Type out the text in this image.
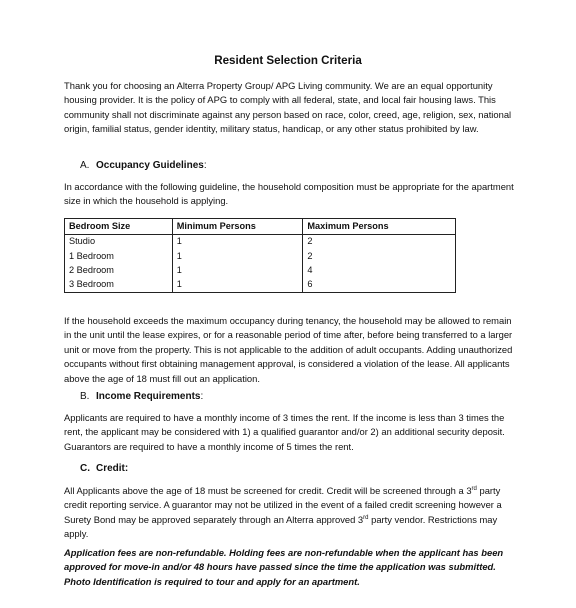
Resident Selection Criteria
Thank you for choosing an Alterra Property Group/ APG Living community. We are an equal opportunity housing provider. It is the policy of APG to comply with all federal, state, and local fair housing laws. This community shall not discriminate against any person based on race, color, creed, age, religion, sex, national origin, familial status, gender identity, military status, handicap, or any other status prohibited by law.
A. Occupancy Guidelines:
In accordance with the following guideline, the household composition must be appropriate for the apartment size in which the household is applying.
Bedroom Size	Minimum Persons	Maximum Persons
Studio	1	2
1 Bedroom	1	2
2 Bedroom	1	4
3 Bedroom	1	6
If the household exceeds the maximum occupancy during tenancy, the household may be allowed to remain in the unit until the lease expires, or for a reasonable period of time after, before being transferred to a larger unit or move from the property. This is not applicable to the addition of adult occupants. Adding unauthorized occupants without first obtaining management approval, is considered a violation of the lease. All applicants above the age of 18 must fill out an application.
B. Income Requirements:
Applicants are required to have a monthly income of 3 times the rent. If the income is less than 3 times the rent, the applicant may be considered with 1) a qualified guarantor and/or 2) an additional security deposit. Guarantors are required to have a monthly income of 5 times the rent.
C. Credit:
All Applicants above the age of 18 must be screened for credit. Credit will be screened through a 3rd party credit reporting service. A guarantor may not be utilized in the event of a failed credit screening however a Surety Bond may be approved separately through an Alterra approved 3rd party vendor. Restrictions may apply.
Application fees are non-refundable. Holding fees are non-refundable when the applicant has been approved for move-in and/or 48 hours have passed since the time the application was submitted. Photo Identification is required to tour and apply for an apartment.
